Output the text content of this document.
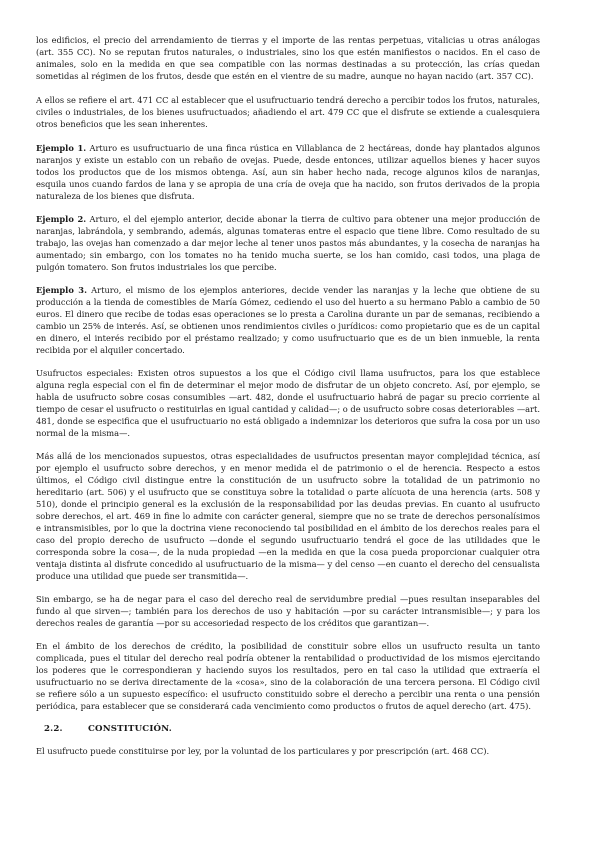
los edificios, el precio del arrendamiento de tierras y el importe de las rentas perpetuas, vitalicias u otras análogas (art. 355 CC). No se reputan frutos naturales, o industriales, sino los que estén manifiestos o nacidos. En el caso de animales, solo en la medida en que sea compatible con las normas destinadas a su protección, las crías quedan sometidas al régimen de los frutos, desde que estén en el vientre de su madre, aunque no hayan nacido (art. 357 CC).

A ellos se refiere el art. 471 CC al establecer que el usufructuario tendrá derecho a percibir todos los frutos, naturales, civiles o industriales, de los bienes usufructuados; añadiendo el art. 479 CC que el disfrute se extiende a cualesquiera otros beneficios que les sean inherentes.

Ejemplo 1. Arturo es usufructuario de una finca rústica en Villablanca de 2 hectáreas, donde hay plantados algunos naranjos y existe un establo con un rebaño de ovejas. Puede, desde entonces, utilizar aquellos bienes y hacer suyos todos los productos que de los mismos obtenga. Así, aun sin haber hecho nada, recoge algunos kilos de naranjas, esquila unos cuando fardos de lana y se apropia de una cría de oveja que ha nacido, son frutos derivados de la propia naturaleza de los bienes que disfruta.

Ejemplo 2. Arturo, el del ejemplo anterior, decide abonar la tierra de cultivo para obtener una mejor producción de naranjas, labrándola, y sembrando, además, algunas tomateras entre el espacio que tiene libre. Como resultado de su trabajo, las ovejas han comenzado a dar mejor leche al tener unos pastos más abundantes, y la cosecha de naranjas ha aumentado; sin embargo, con los tomates no ha tenido mucha suerte, se los han comido, casi todos, una plaga de pulgón tomatero. Son frutos industriales los que percibe.

Ejemplo 3. Arturo, el mismo de los ejemplos anteriores, decide vender las naranjas y la leche que obtiene de su producción a la tienda de comestibles de María Gómez, cediendo el uso del huerto a su hermano Pablo a cambio de 50 euros. El dinero que recibe de todas esas operaciones se lo presta a Carolina durante un par de semanas, recibiendo a cambio un 25% de interés. Así, se obtienen unos rendimientos civiles o jurídicos: como propietario que es de un capital en dinero, el interés recibido por el préstamo realizado; y como usufructuario que es de un bien inmueble, la renta recibida por el alquiler concertado.

Usufructos especiales: Existen otros supuestos a los que el Código civil llama usufructos, para los que establece alguna regla especial con el fin de determinar el mejor modo de disfrutar de un objeto concreto. Así, por ejemplo, se habla de usufructo sobre cosas consumibles —art. 482, donde el usufructuario habrá de pagar su precio corriente al tiempo de cesar el usufructo o restituirlas en igual cantidad y calidad—; o de usufructo sobre cosas deteriorables —art. 481, donde se especifica que el usufructuario no está obligado a indemnizar los deterioros que sufra la cosa por un uso normal de la misma—.

Más allá de los mencionados supuestos, otras especialidades de usufructos presentan mayor complejidad técnica, así por ejemplo el usufructo sobre derechos, y en menor medida el de patrimonio o el de herencia. Respecto a estos últimos, el Código civil distingue entre la constitución de un usufructo sobre la totalidad de un patrimonio no hereditario (art. 506) y el usufructo que se constituya sobre la totalidad o parte alícuota de una herencia (arts. 508 y 510), donde el principio general es la exclusión de la responsabilidad por las deudas previas. En cuanto al usufructo sobre derechos, el art. 469 in fine lo admite con carácter general, siempre que no se trate de derechos personalísimos e intransmisibles, por lo que la doctrina viene reconociendo tal posibilidad en el ámbito de los derechos reales para el caso del propio derecho de usufructo —donde el segundo usufructuario tendrá el goce de las utilidades que le corresponda sobre la cosa—, de la nuda propiedad —en la medida en que la cosa pueda proporcionar cualquier otra ventaja distinta al disfrute concedido al usufructuario de la misma— y del censo —en cuanto el derecho del censualista produce una utilidad que puede ser transmitida—.

Sin embargo, se ha de negar para el caso del derecho real de servidumbre predial —pues resultan inseparables del fundo al que sirven—; también para los derechos de uso y habitación —por su carácter intransmisible—; y para los derechos reales de garantía —por su accesoriedad respecto de los créditos que garantizan—.

En el ámbito de los derechos de crédito, la posibilidad de constituir sobre ellos un usufructo resulta un tanto complicada, pues el titular del derecho real podría obtener la rentabilidad o productividad de los mismos ejercitando los poderes que le correspondieran y haciendo suyos los resultados, pero en tal caso la utilidad que extraería el usufructuario no se deriva directamente de la «cosa», sino de la colaboración de una tercera persona. El Código civil se refiere sólo a un supuesto específico: el usufructo constituido sobre el derecho a percibir una renta o una pensión periódica, para establecer que se considerará cada vencimiento como productos o frutos de aquel derecho (art. 475).

2.2.	CONSTITUCIÓN.

El usufructo puede constituirse por ley, por la voluntad de los particulares y por prescripción (art. 468 CC).
